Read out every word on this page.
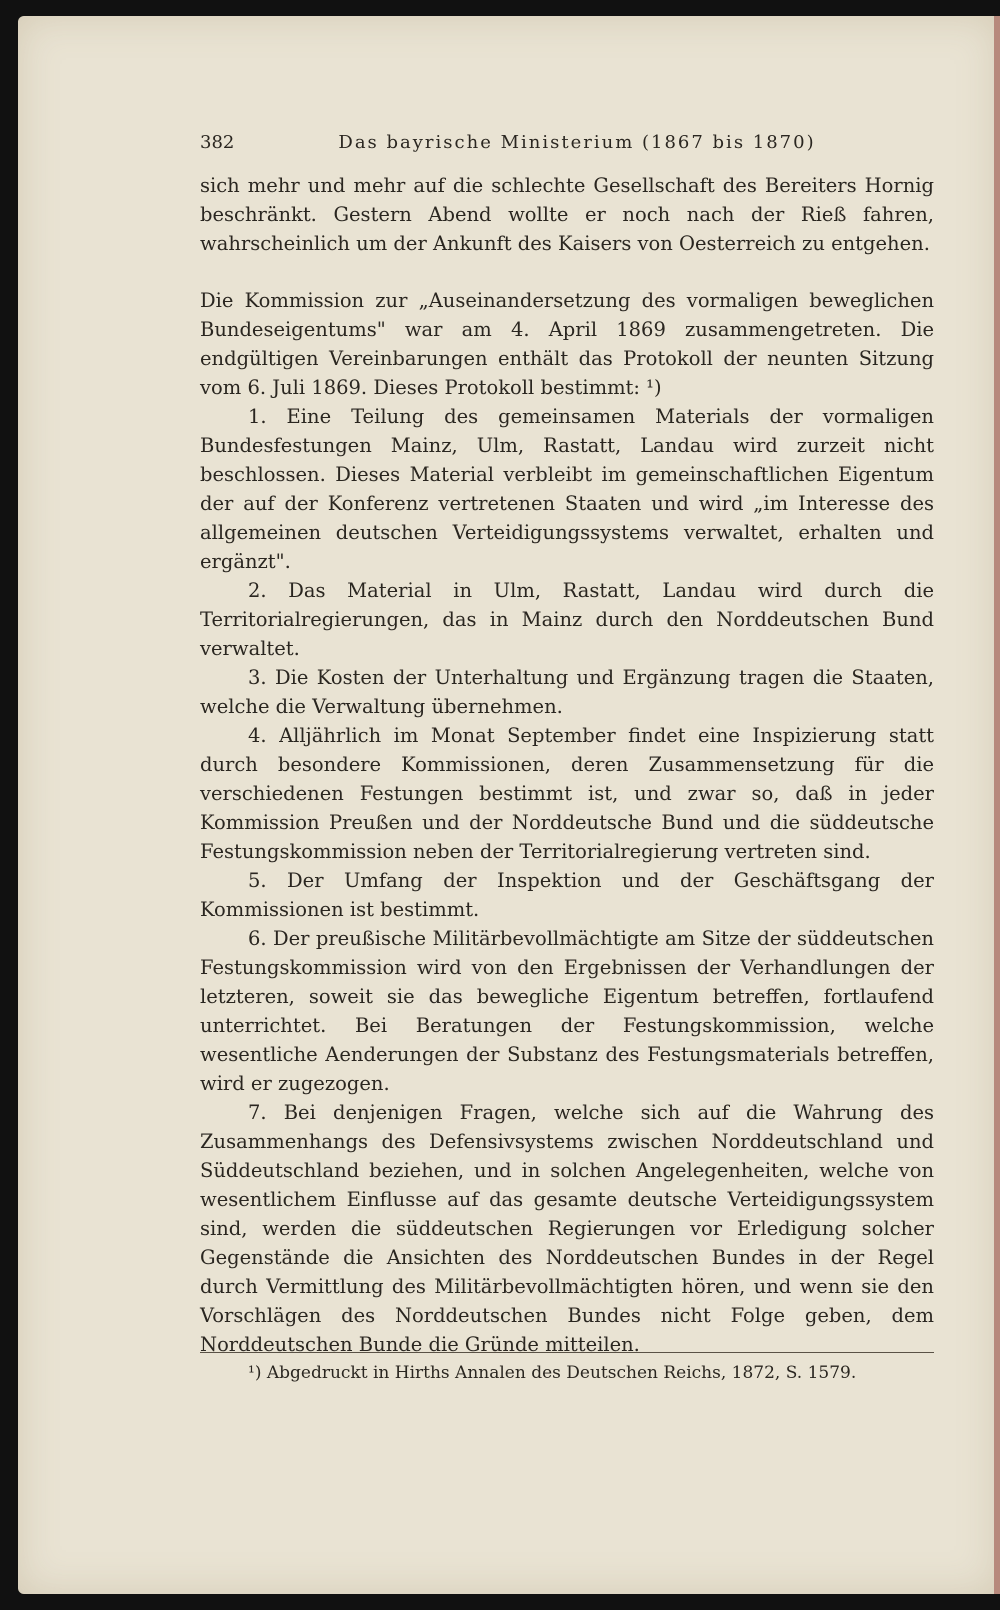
382	Das bayrische Ministerium (1867 bis 1870)

sich mehr und mehr auf die schlechte Gesellschaft des Bereiters Hornig beschränkt. Gestern Abend wollte er noch nach der Rieß fahren, wahrscheinlich um der Ankunft des Kaisers von Oesterreich zu entgehen.

Die Kommission zur „Auseinandersetzung des vormaligen beweglichen Bundeseigentums" war am 4. April 1869 zusammengetreten. Die endgültigen Vereinbarungen enthält das Protokoll der neunten Sitzung vom 6. Juli 1869. Dieses Protokoll bestimmt: ¹)

1. Eine Teilung des gemeinsamen Materials der vormaligen Bundesfestungen Mainz, Ulm, Rastatt, Landau wird zurzeit nicht beschlossen. Dieses Material verbleibt im gemeinschaftlichen Eigentum der auf der Konferenz vertretenen Staaten und wird „im Interesse des allgemeinen deutschen Verteidigungssystems verwaltet, erhalten und ergänzt".

2. Das Material in Ulm, Rastatt, Landau wird durch die Territorialregierungen, das in Mainz durch den Norddeutschen Bund verwaltet.

3. Die Kosten der Unterhaltung und Ergänzung tragen die Staaten, welche die Verwaltung übernehmen.

4. Alljährlich im Monat September findet eine Inspizierung statt durch besondere Kommissionen, deren Zusammensetzung für die verschiedenen Festungen bestimmt ist, und zwar so, daß in jeder Kommission Preußen und der Norddeutsche Bund und die süddeutsche Festungskommission neben der Territorialregierung vertreten sind.

5. Der Umfang der Inspektion und der Geschäftsgang der Kommissionen ist bestimmt.

6. Der preußische Militärbevollmächtigte am Sitze der süddeutschen Festungskommission wird von den Ergebnissen der Verhandlungen der letzteren, soweit sie das bewegliche Eigentum betreffen, fortlaufend unterrichtet. Bei Beratungen der Festungskommission, welche wesentliche Aenderungen der Substanz des Festungsmaterials betreffen, wird er zugezogen.

7. Bei denjenigen Fragen, welche sich auf die Wahrung des Zusammenhangs des Defensivsystems zwischen Norddeutschland und Süddeutschland beziehen, und in solchen Angelegenheiten, welche von wesentlichem Einflusse auf das gesamte deutsche Verteidigungssystem sind, werden die süddeutschen Regierungen vor Erledigung solcher Gegenstände die Ansichten des Norddeutschen Bundes in der Regel durch Vermittlung des Militärbevollmächtigten hören, und wenn sie den Vorschlägen des Norddeutschen Bundes nicht Folge geben, dem Norddeutschen Bunde die Gründe mitteilen.

¹) Abgedruckt in Hirths Annalen des Deutschen Reichs, 1872, S. 1579.
